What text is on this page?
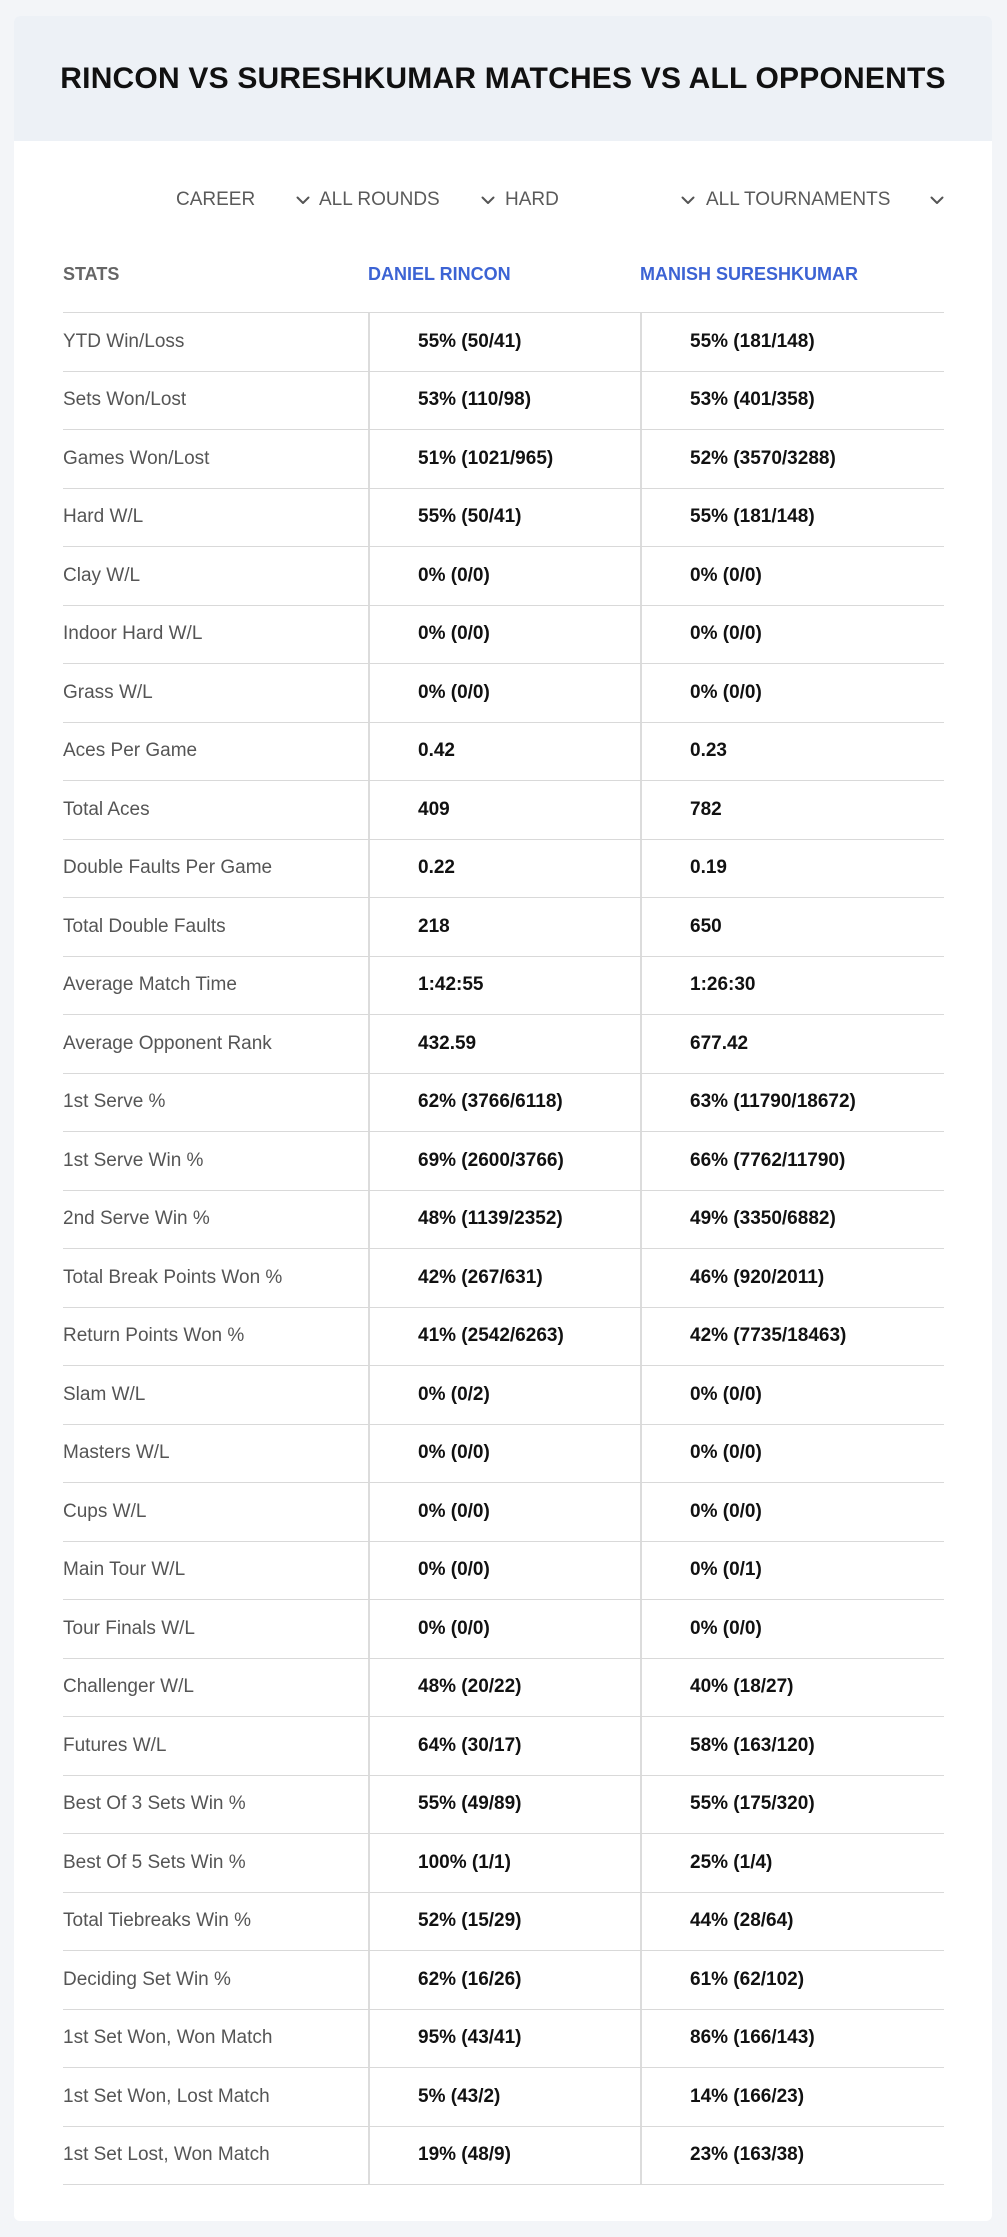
RINCON VS SURESHKUMAR MATCHES VS ALL OPPONENTS
CAREER	ALL ROUNDS	HARD	ALL TOURNAMENTS
STATS	DANIEL RINCON	MANISH SURESHKUMAR
YTD Win/Loss	55% (50/41)	55% (181/148)
Sets Won/Lost	53% (110/98)	53% (401/358)
Games Won/Lost	51% (1021/965)	52% (3570/3288)
Hard W/L	55% (50/41)	55% (181/148)
Clay W/L	0% (0/0)	0% (0/0)
Indoor Hard W/L	0% (0/0)	0% (0/0)
Grass W/L	0% (0/0)	0% (0/0)
Aces Per Game	0.42	0.23
Total Aces	409	782
Double Faults Per Game	0.22	0.19
Total Double Faults	218	650
Average Match Time	1:42:55	1:26:30
Average Opponent Rank	432.59	677.42
1st Serve %	62% (3766/6118)	63% (11790/18672)
1st Serve Win %	69% (2600/3766)	66% (7762/11790)
2nd Serve Win %	48% (1139/2352)	49% (3350/6882)
Total Break Points Won %	42% (267/631)	46% (920/2011)
Return Points Won %	41% (2542/6263)	42% (7735/18463)
Slam W/L	0% (0/2)	0% (0/0)
Masters W/L	0% (0/0)	0% (0/0)
Cups W/L	0% (0/0)	0% (0/0)
Main Tour W/L	0% (0/0)	0% (0/1)
Tour Finals W/L	0% (0/0)	0% (0/0)
Challenger W/L	48% (20/22)	40% (18/27)
Futures W/L	64% (30/17)	58% (163/120)
Best Of 3 Sets Win %	55% (49/89)	55% (175/320)
Best Of 5 Sets Win %	100% (1/1)	25% (1/4)
Total Tiebreaks Win %	52% (15/29)	44% (28/64)
Deciding Set Win %	62% (16/26)	61% (62/102)
1st Set Won, Won Match	95% (43/41)	86% (166/143)
1st Set Won, Lost Match	5% (43/2)	14% (166/23)
1st Set Lost, Won Match	19% (48/9)	23% (163/38)
